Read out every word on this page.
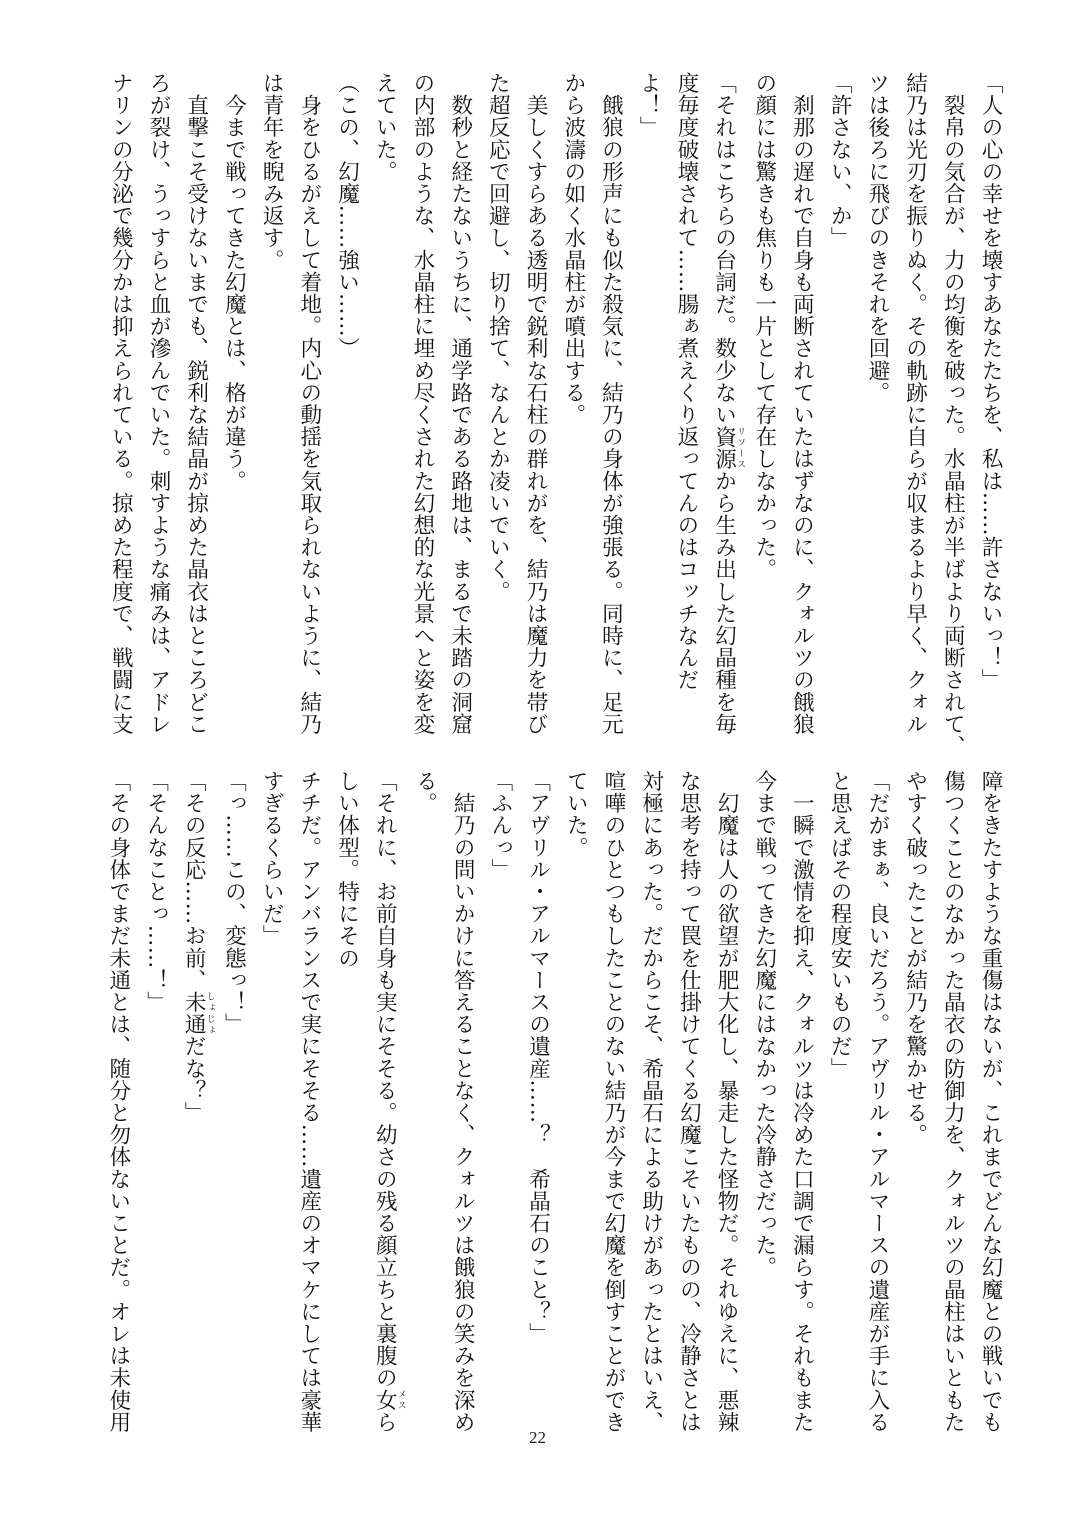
「人の心の幸せを壊すあなたたちを、私は……許さないっ！」
　裂帛の気合が、力の均衡を破った。水晶柱が半ばより両断されて、
結乃は光刃を振りぬく。その軌跡に自らが収まるより早く、クォル
ツは後ろに飛びのきそれを回避。
「許さない、か」
　刹那の遅れで自身も両断されていたはずなのに、クォルツの餓狼
の顔には驚きも焦りも一片として存在しなかった。
「それはこちらの台詞だ。数少ない資源リソースから生み出した幻晶種を毎
度毎度破壊されて……腸ぁ煮えくり返ってんのはコッチなんだ
よ！」
　餓狼の形声にも似た殺気に、結乃の身体が強張る。同時に、足元
から波濤の如く水晶柱が噴出する。
　美しくすらある透明で鋭利な石柱の群れがを、結乃は魔力を帯び
た超反応で回避し、切り捨て、なんとか凌いでいく。
　数秒と経たないうちに、通学路である路地は、まるで未踏の洞窟
の内部のような、水晶柱に埋め尽くされた幻想的な光景へと姿を変
えていた。
（この、幻魔……強い……）
　身をひるがえして着地。内心の動揺を気取られないように、結乃
は青年を睨み返す。
　今まで戦ってきた幻魔とは、格が違う。
　直撃こそ受けないまでも、鋭利な結晶が掠めた晶衣はところどこ
ろが裂け、うっすらと血が滲んでいた。刺すような痛みは、アドレ
ナリンの分泌で幾分かは抑えられている。掠めた程度で、戦闘に支
障をきたすような重傷はないが、これまでどんな幻魔との戦いでも
傷つくことのなかった晶衣の防御力を、クォルツの晶柱はいともた
やすく破ったことが結乃を驚かせる。
「だがまぁ、良いだろう。アヴリル・アルマースの遺産が手に入る
と思えばその程度安いものだ」
　一瞬で激情を抑え、クォルツは冷めた口調で漏らす。それもまた
今まで戦ってきた幻魔にはなかった冷静さだった。
　幻魔は人の欲望が肥大化し、暴走した怪物だ。それゆえに、悪辣
な思考を持って罠を仕掛けてくる幻魔こそいたものの、冷静さとは
対極にあった。だからこそ、希晶石による助けがあったとはいえ、
喧嘩のひとつもしたことのない結乃が今まで幻魔を倒すことができ
ていた。
「アヴリル・アルマースの遺産……？　希晶石のこと？」
「ふんっ」
　結乃の問いかけに答えることなく、クォルツは餓狼の笑みを深め
る。
「それに、お前自身も実にそそる。幼さの残る顔立ちと裏腹の女メスら
しい体型。特にその
チチだ。アンバランスで実にそそる……遺産のオマケにしては豪華
すぎるくらいだ」
「っ……この、変態っ！」
「その反応……お前、未通しょじょだな？」
「そんなことっ……！」
「その身体でまだ未通とは、随分と勿体ないことだ。オレは未使用
22
